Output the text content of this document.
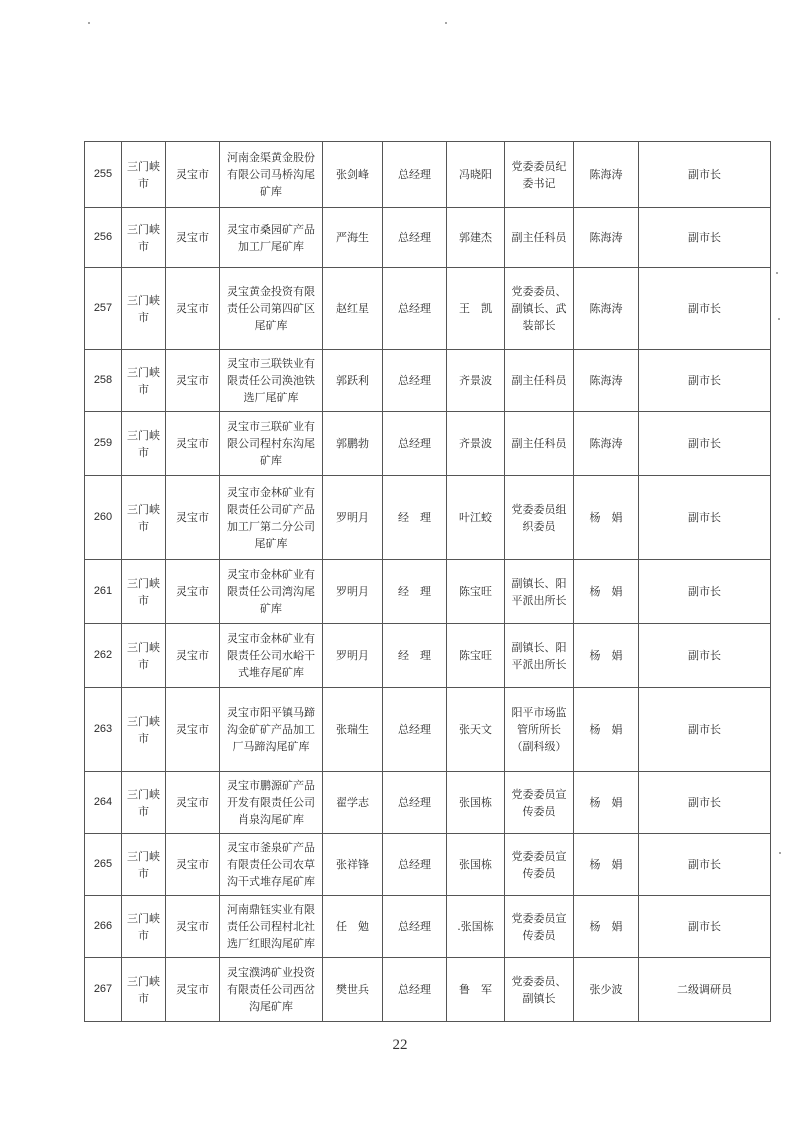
255	三门峡市	灵宝市	河南金渠黄金股份有限公司马桥沟尾矿库	张剑峰	总经理	冯晓阳	党委委员纪委书记	陈海涛	副市长
256	三门峡市	灵宝市	灵宝市桑园矿产品加工厂尾矿库	严海生	总经理	郭建杰	副主任科员	陈海涛	副市长
257	三门峡市	灵宝市	灵宝黄金投资有限责任公司第四矿区尾矿库	赵红星	总经理	王　凯	党委委员、副镇长、武装部长	陈海涛	副市长
258	三门峡市	灵宝市	灵宝市三联铁业有限责任公司涣池铁选厂尾矿库	郭跃利	总经理	齐景波	副主任科员	陈海涛	副市长
259	三门峡市	灵宝市	灵宝市三联矿业有限公司程村东沟尾矿库	郭鹏勃	总经理	齐景波	副主任科员	陈海涛	副市长
260	三门峡市	灵宝市	灵宝市金林矿业有限责任公司矿产品加工厂第二分公司尾矿库	罗明月	经　理	叶江蛟	党委委员组织委员	杨　娟	副市长
261	三门峡市	灵宝市	灵宝市金林矿业有限责任公司湾沟尾矿库	罗明月	经　理	陈宝旺	副镇长、阳平派出所长	杨　娟	副市长
262	三门峡市	灵宝市	灵宝市金林矿业有限责任公司水峪干式堆存尾矿库	罗明月	经　理	陈宝旺	副镇长、阳平派出所长	杨　娟	副市长
263	三门峡市	灵宝市	灵宝市阳平镇马蹄沟金矿矿产品加工厂马蹄沟尾矿库	张瑞生	总经理	张天文	阳平市场监管所所长（副科级）	杨　娟	副市长
264	三门峡市	灵宝市	灵宝市鹏源矿产品开发有限责任公司肖泉沟尾矿库	翟学志	总经理	张国栋	党委委员宣传委员	杨　娟	副市长
265	三门峡市	灵宝市	灵宝市釜泉矿产品有限责任公司农草沟干式堆存尾矿库	张祥锋	总经理	张国栋	党委委员宣传委员	杨　娟	副市长
266	三门峡市	灵宝市	河南鼎钰实业有限责任公司程村北社选厂红眼沟尾矿库	任　勉	总经理	.张国栋	党委委员宣传委员	杨　娟	副市长
267	三门峡市	灵宝市	灵宝濮鸿矿业投资有限责任公司西岔沟尾矿库	樊世兵	总经理	鲁　军	党委委员、副镇长	张少波	二级调研员
22
